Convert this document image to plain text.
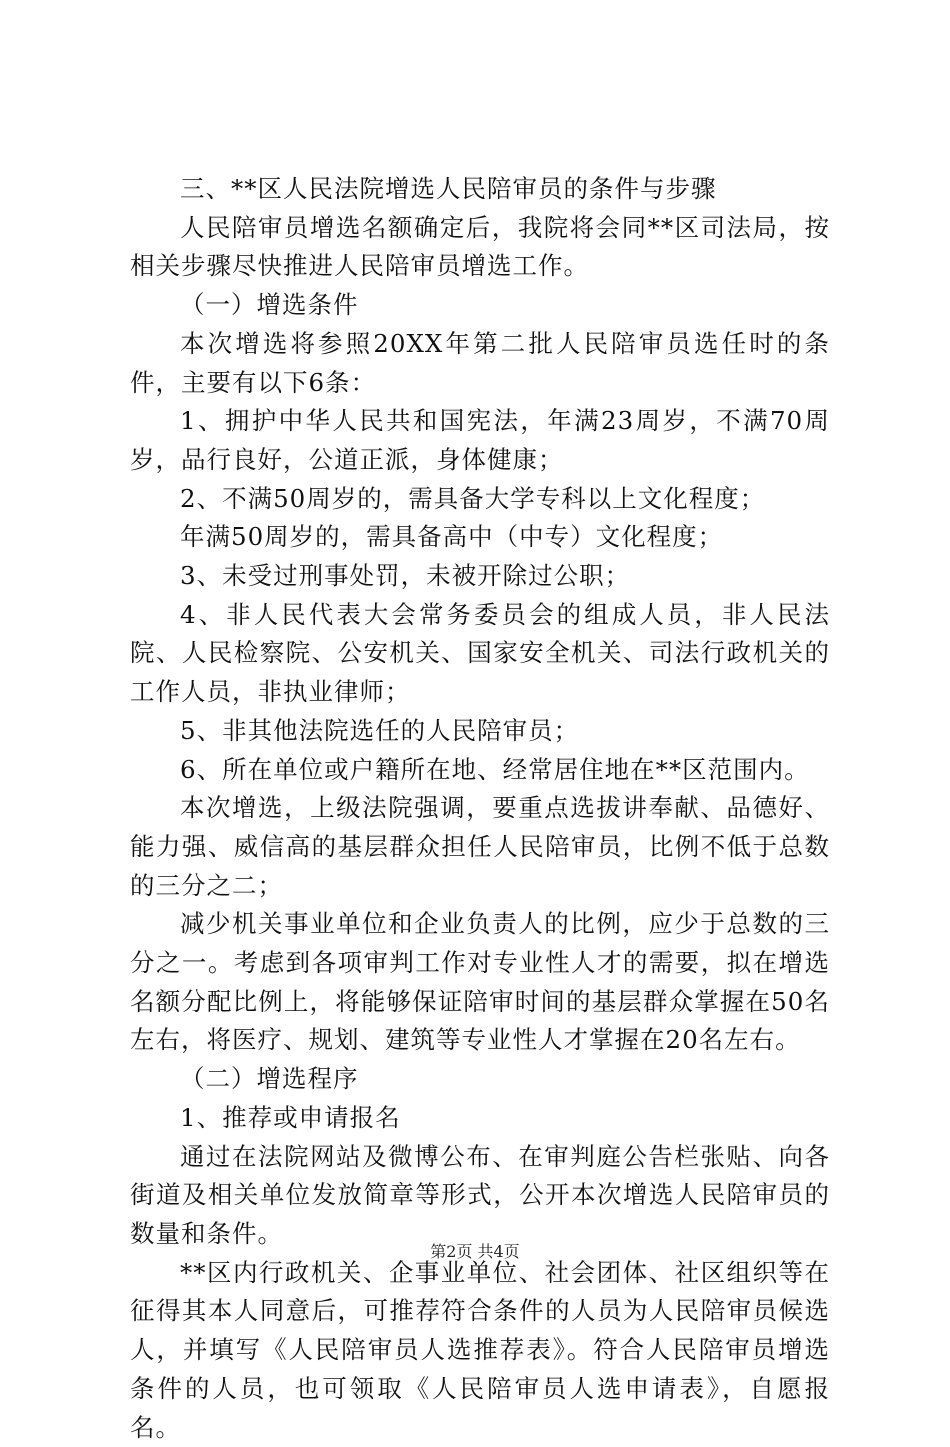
三、**区人民法院增选人民陪审员的条件与步骤

人民陪审员增选名额确定后，我院将会同**区司法局，按相关步骤尽快推进人民陪审员增选工作。

（一）增选条件

本次增选将参照20XX年第二批人民陪审员选任时的条件，主要有以下6条：

1、拥护中华人民共和国宪法，年满23周岁，不满70周岁，品行良好，公道正派，身体健康；

2、不满50周岁的，需具备大学专科以上文化程度；

年满50周岁的，需具备高中（中专）文化程度；

3、未受过刑事处罚，未被开除过公职；

4、非人民代表大会常务委员会的组成人员，非人民法院、人民检察院、公安机关、国家安全机关、司法行政机关的工作人员，非执业律师；

5、非其他法院选任的人民陪审员；

6、所在单位或户籍所在地、经常居住地在**区范围内。

本次增选，上级法院强调，要重点选拔讲奉献、品德好、能力强、威信高的基层群众担任人民陪审员，比例不低于总数的三分之二；

减少机关事业单位和企业负责人的比例，应少于总数的三分之一。考虑到各项审判工作对专业性人才的需要，拟在增选名额分配比例上，将能够保证陪审时间的基层群众掌握在50名左右，将医疗、规划、建筑等专业性人才掌握在20名左右。

（二）增选程序

1、推荐或申请报名

通过在法院网站及微博公布、在审判庭公告栏张贴、向各街道及相关单位发放简章等形式，公开本次增选人民陪审员的数量和条件。

**区内行政机关、企事业单位、社会团体、社区组织等在征得其本人同意后，可推荐符合条件的人员为人民陪审员候选人，并填写《人民陪审员人选推荐表》。符合人民陪审员增选条件的人员，也可领取《人民陪审员人选申请表》，自愿报名。

第2页 共4页
